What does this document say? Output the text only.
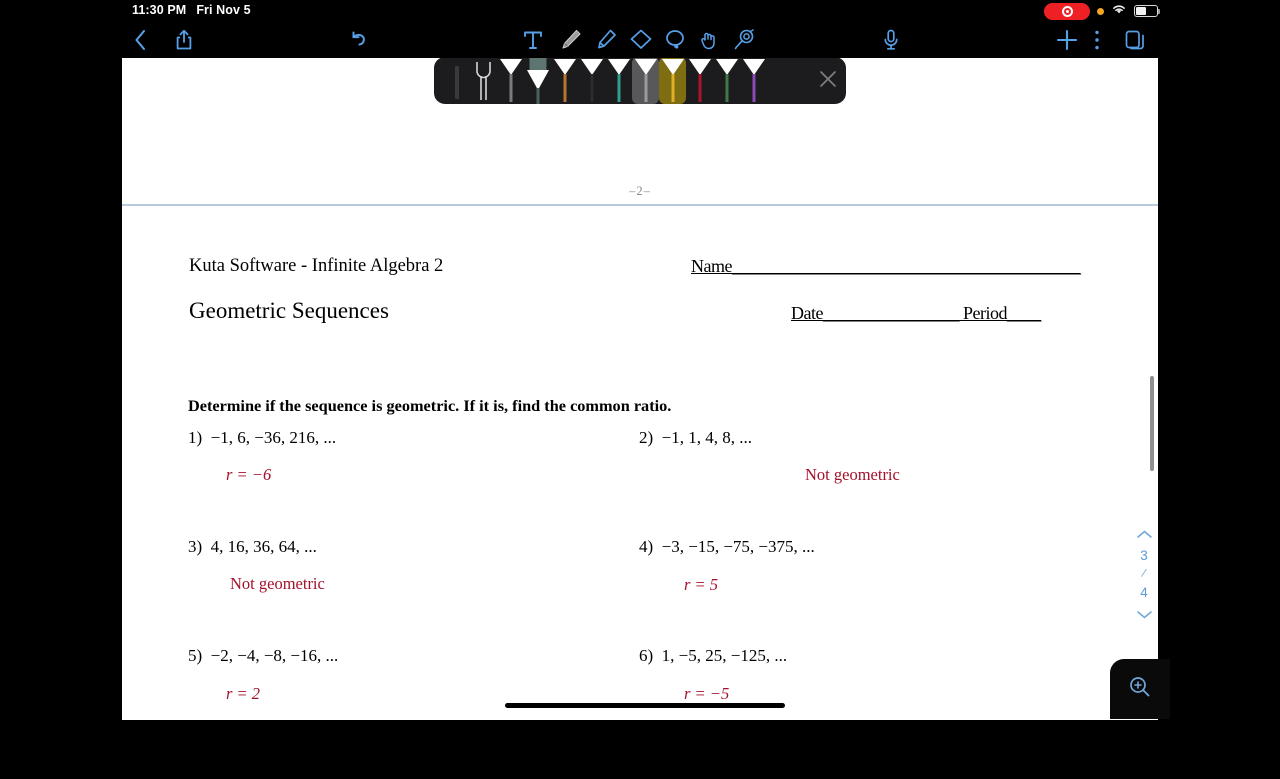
11:30 PM Fri Nov 5
–2–
Kuta Software - Infinite Algebra 2
Geometric Sequences
Name_________________________________________
Date________________ Period____
Determine if the sequence is geometric. If it is, find the common ratio.
1) −1, 6, −36, 216, ...
r = −6
2) −1, 1, 4, 8, ...
Not geometric
3) 4, 16, 36, 64, ...
Not geometric
4) −3, −15, −75, −375, ...
r = 5
5) −2, −4, −8, −16, ...
r = 2
6) 1, −5, 25, −125, ...
r = −5
Given the explicit formula for a geometric sequence find the first five terms and the 8th term.
3
/
4
